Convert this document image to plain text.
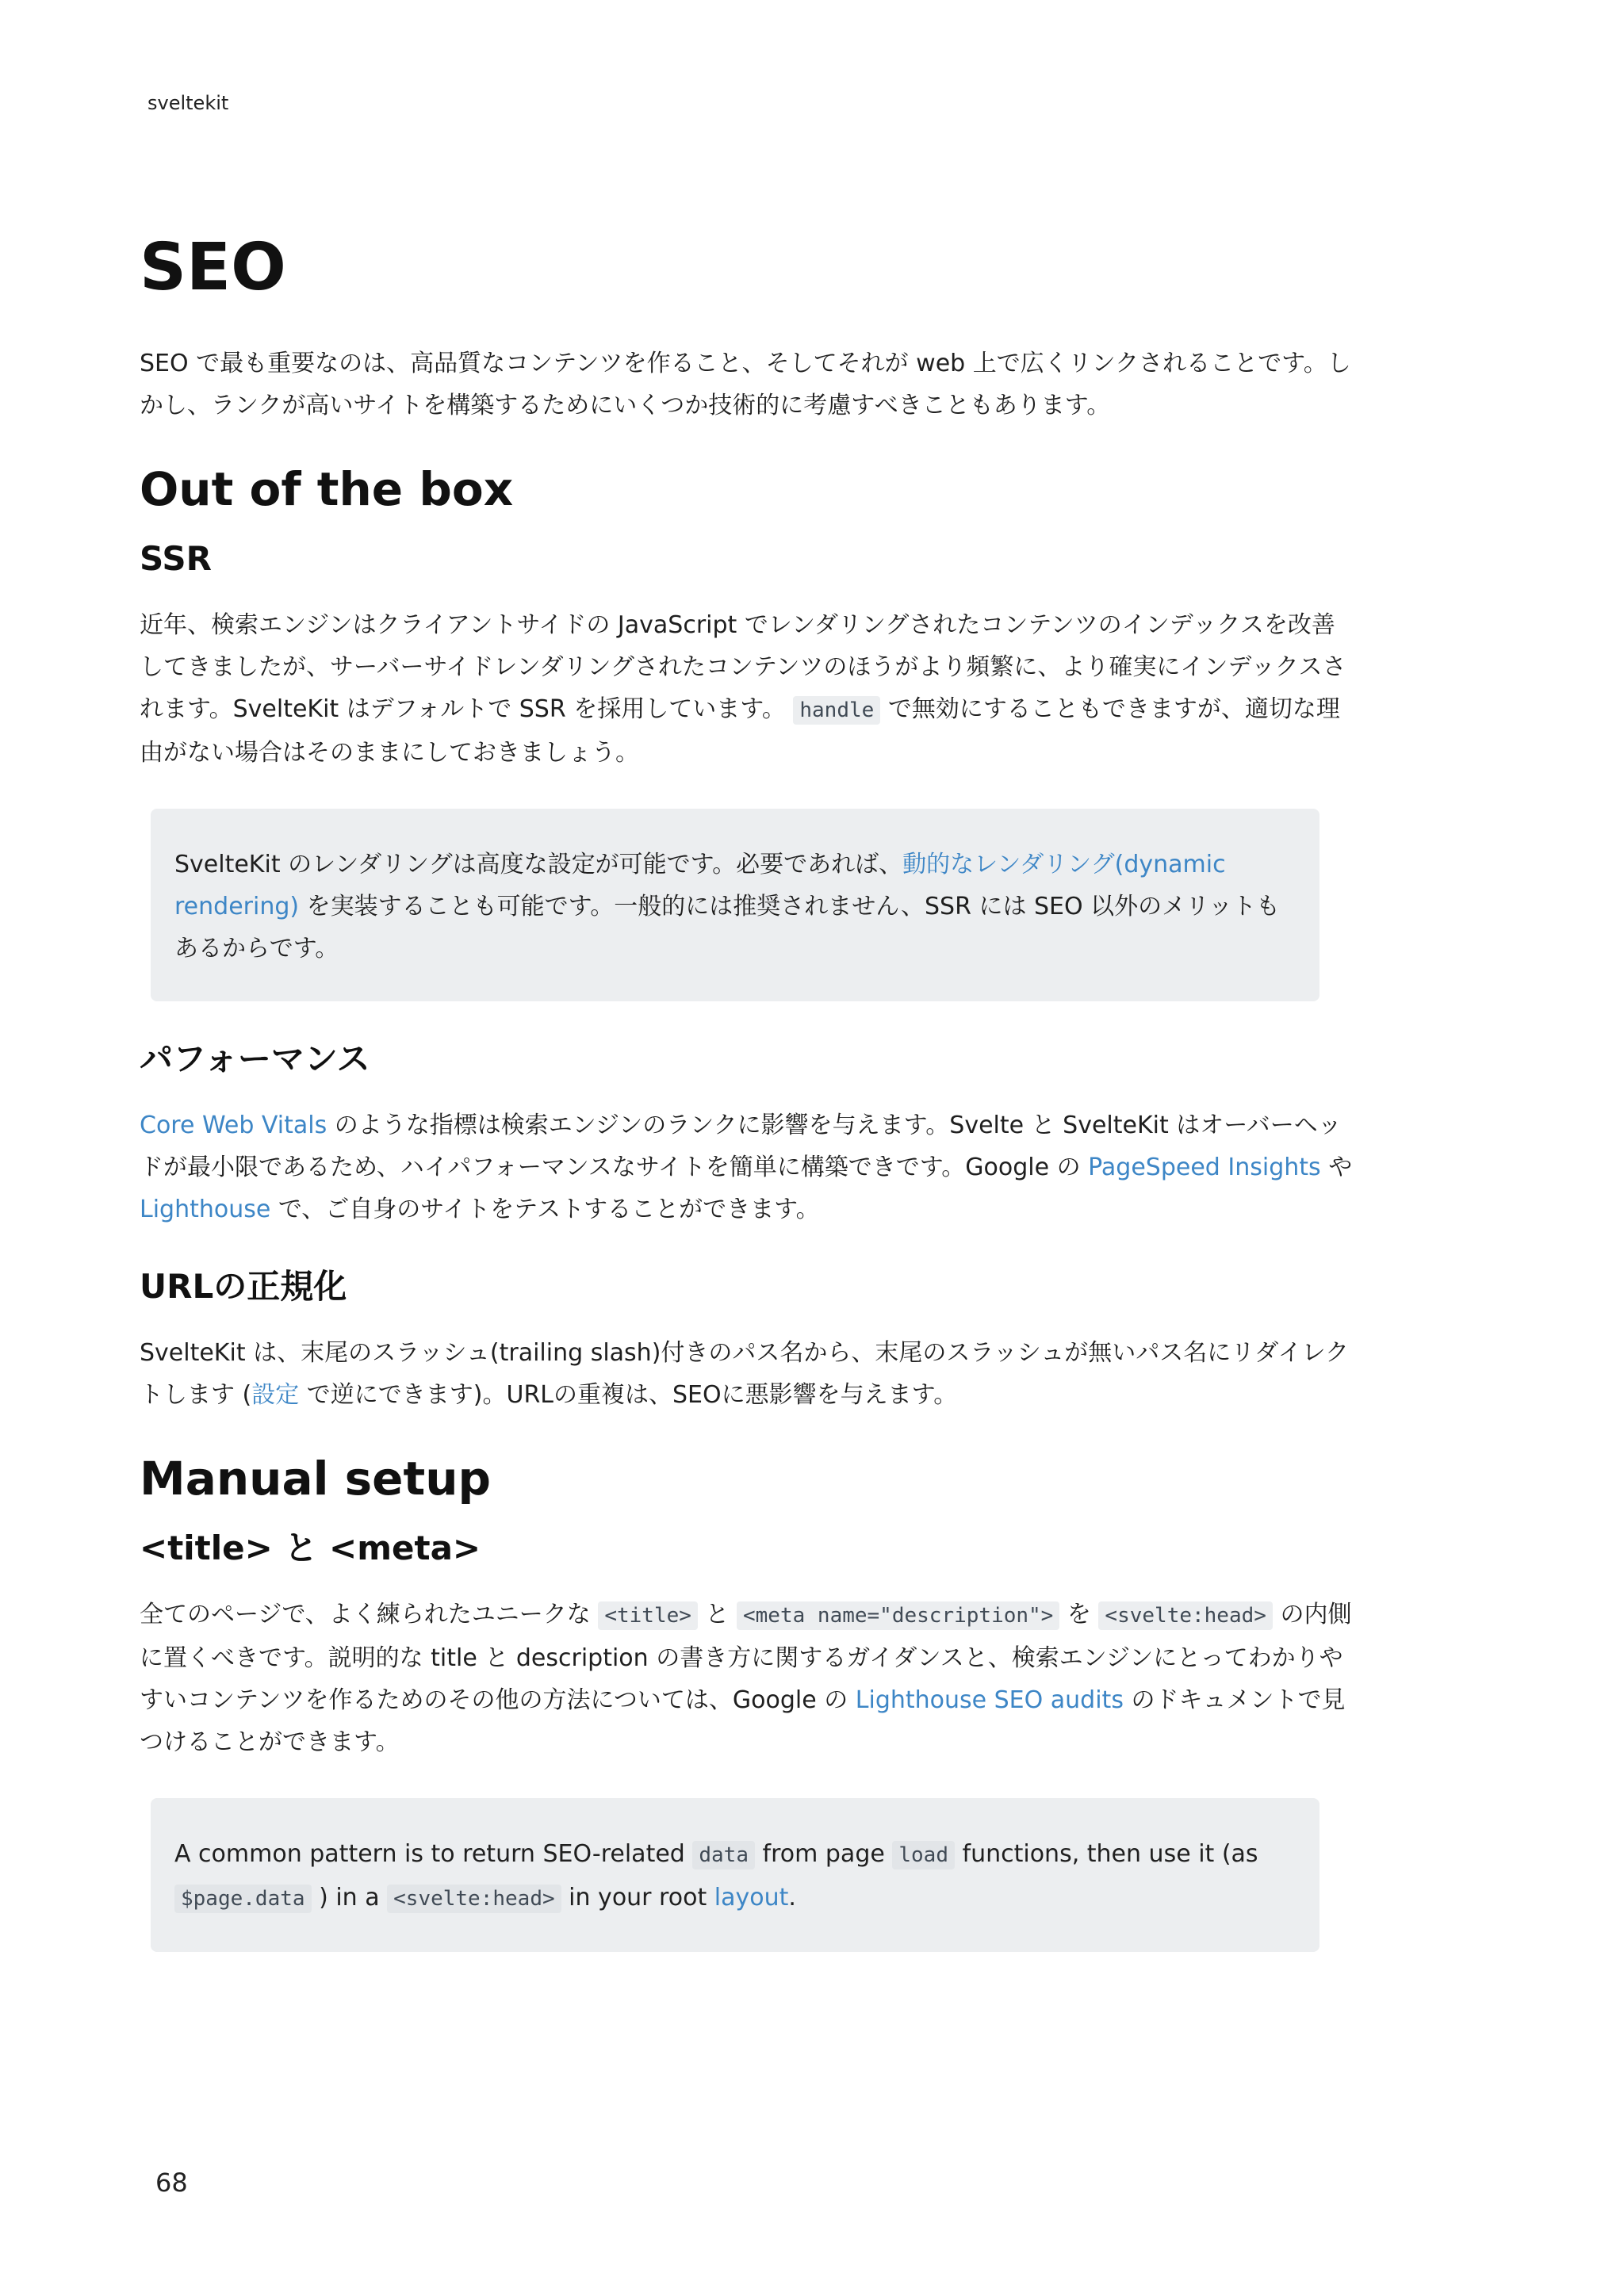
sveltekit
SEO

SEO で最も重要なのは、高品質なコンテンツを作ること、そしてそれが web 上で広くリンクされることです。しかし、ランクが高いサイトを構築するためにいくつか技術的に考慮すべきこともあります。

Out of the box
SSR

近年、検索エンジンはクライアントサイドの JavaScript でレンダリングされたコンテンツのインデックスを改善してきましたが、サーバーサイドレンダリングされたコンテンツのほうがより頻繁に、より確実にインデックスされます。SvelteKit はデフォルトで SSR を採用しています。 handle で無効にすることもできますが、適切な理由がない場合はそのままにしておきましょう。

SvelteKit のレンダリングは高度な設定が可能です。必要であれば、動的なレンダリング(dynamic rendering) を実装することも可能です。一般的には推奨されません、SSR には SEO 以外のメリットもあるからです。

パフォーマンス

Core Web Vitals のような指標は検索エンジンのランクに影響を与えます。Svelte と SvelteKit はオーバーヘッドが最小限であるため、ハイパフォーマンスなサイトを簡単に構築できです。Google の PageSpeed Insights や Lighthouse で、ご自身のサイトをテストすることができます。

URLの正規化

SvelteKit は、末尾のスラッシュ(trailing slash)付きのパス名から、末尾のスラッシュが無いパス名にリダイレクトします (設定 で逆にできます)。URLの重複は、SEOに悪影響を与えます。

Manual setup
<title> と <meta>

全てのページで、よく練られたユニークな <title> と <meta name="description"> を <svelte:head> の内側に置くべきです。説明的な title と description の書き方に関するガイダンスと、検索エンジンにとってわかりやすいコンテンツを作るためのその他の方法については、Google の Lighthouse SEO audits のドキュメントで見つけることができます。

A common pattern is to return SEO-related data from page load functions, then use it (as $page.data ) in a <svelte:head> in your root layout.

68
